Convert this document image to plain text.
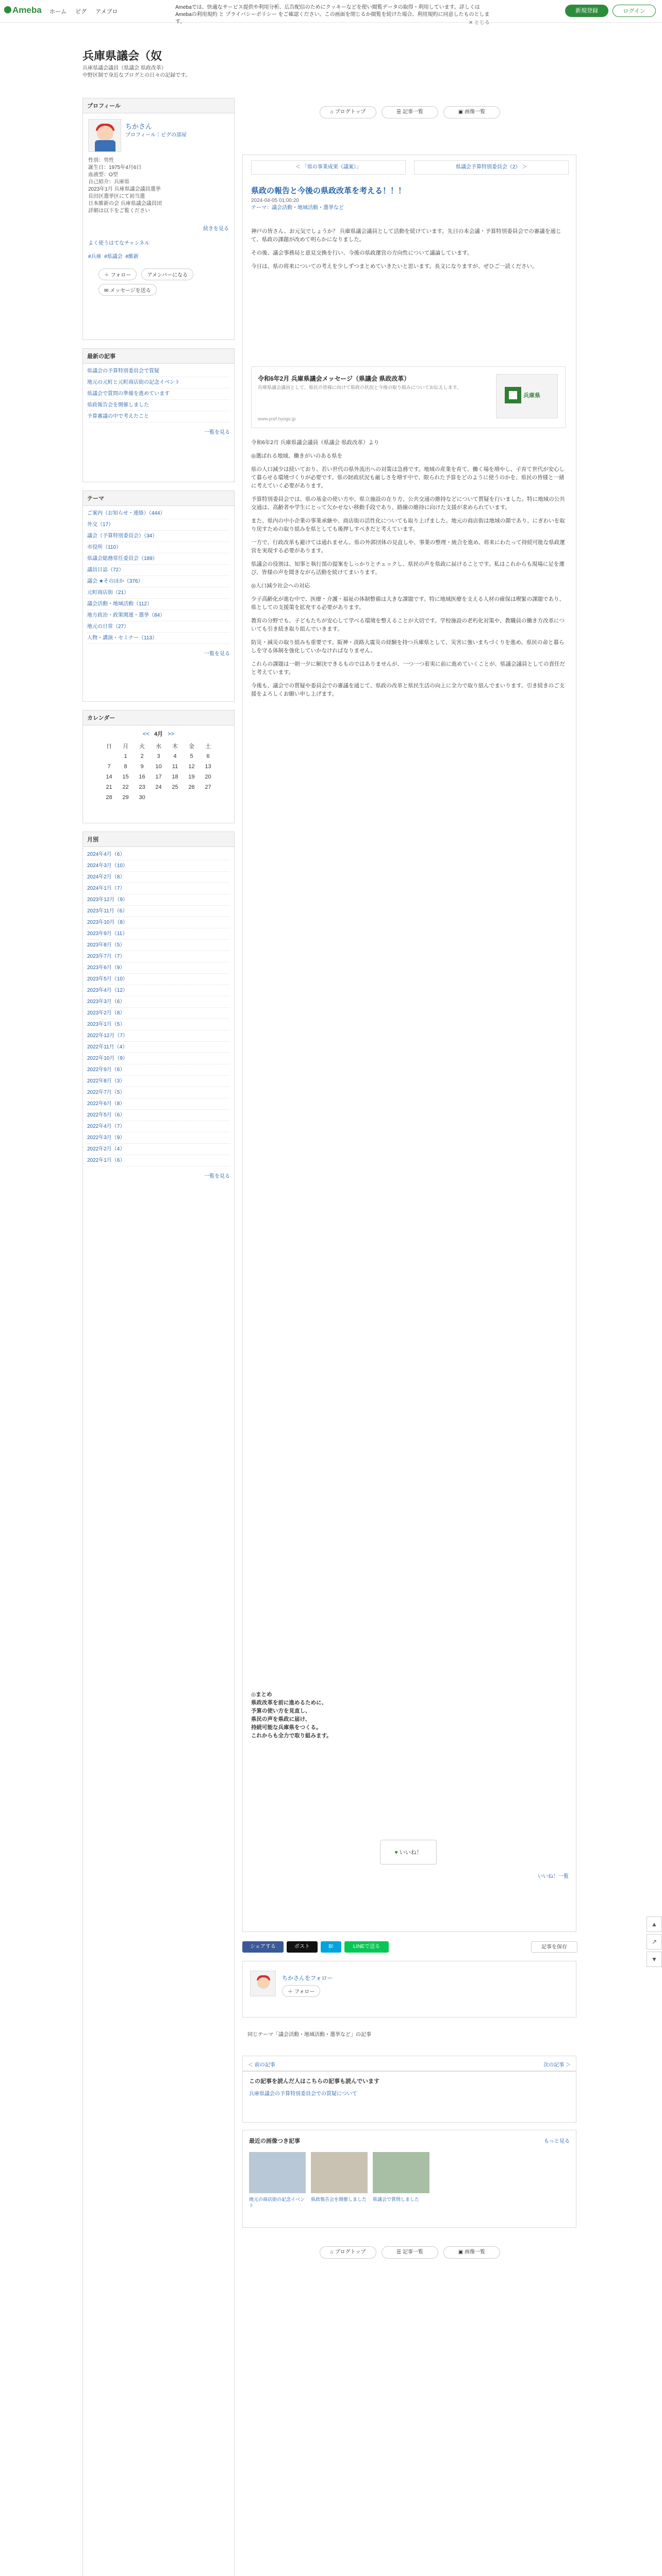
Ameba ホーム ピグ アメブロ
Amebaでは、快適なサービス提供や利用分析、広告配信のためにクッキーなどを使い閲覧データの取得・利用しています。詳しくは Amebaの利用規約 と プライバシーポリシー をご確認ください。この画面を閉じるか閲覧を続けた場合、利用規約に同意したものとします。	✕ とじる
新規登録	ログイン
兵庫県議会（奴
兵庫県議会議員（県議会 県政改革）
中野区制で身近なブログとの日々の記録です。
プロフィール
ちかさん
プロフィール｜ピグの部屋
性別：男性
誕生日：1975年4月6日
血液型：O型
自己紹介：兵庫県
2023年1月 兵庫県議会議員選挙
長田区選挙区にて初当選
日本維新の会 兵庫県議会議員団
詳細は以下をご覧ください
続きを見る
よく使うはてなチャンネル
#兵庫 #県議会 #維新
＋ フォロー	アメンバーになる
✉ メッセージを送る
最新の記事
県議会の予算特別委員会で質疑
地元の元町と元町商店街の記念イベント
県議会で質問の準備を進めています
県政報告会を開催しました
予算審議の中で考えたこと
一覧を見る
テーマ
ご案内（お知らせ・連絡）（444）
外交（17）
議会（予算特別委員会）（34）
市役所（110）
県議会総務常任委員会（189）
議員日誌（72）
議会 ★そのほか（376）
元町商店街（21）
議会活動・地域活動（112）
地方政治・政策関連・選挙（84）
地元の日常（27）
人物・講演・セミナー（113）
一覧を見る
カレンダー
<< 4月 >>
日	月	火	水	木	金	土
	1	2	3	4	5	6
7	8	9	10	11	12	13
14	15	16	17	18	19	20
21	22	23	24	25	26	27
28	29	30				
月別
2024年4月（6）
2024年3月（10）
2024年2月（8）
2024年1月（7）
2023年12月（9）
2023年11月（6）
2023年10月（8）
2023年9月（11）
2023年8月（5）
2023年7月（7）
2023年6月（9）
2023年5月（10）
2023年4月（12）
2023年3月（6）
2023年2月（8）
2023年1月（5）
2022年12月（7）
2022年11月（4）
2022年10月（9）
2022年9月（6）
2022年8月（3）
2022年7月（5）
2022年6月（8）
2022年5月（6）
2022年4月（7）
2022年3月（9）
2022年2月（4）
2022年1月（6）
一覧を見る
⌂ ブログトップ	☰ 記事一覧	▣ 画像一覧
＜ 「県の事業成果（議案）」	県議会予算特別委員会（2） ＞
県政の報告と今後の県政改革を考える！！！
2024-04-05 01:00:20
テーマ：議会活動・地域活動・選挙など

神戸の皆さん、お元気でしょうか？ 兵庫県議会議員として活動を続けています。先日の本会議・予算特別委員会での審議を通じて、県政の課題が改めて明らかになりました。

その後、議会事務局と意見交換を行い、今後の県政運営の方向性について議論しています。

今日は、県の将来についての考えを少しずつまとめていきたいと思います。長文になりますが、ぜひご一読ください。

令和6年2月 兵庫県議会メッセージ（県議会 県政改革）
兵庫県議会議員として、県民の皆様に向けて県政の状況と今後の取り組みについてお伝えします。
www.pref.hyogo.jp
兵庫県

令和6年2月 兵庫県議会議員（県議会 県政改革）より

◎選ばれる地域、働きがいのある県を

県の人口減少は続いており、若い世代の県外流出への対策は急務です。地域の産業を育て、働く場を増やし、子育て世代が安心して暮らせる環境づくりが必要です。県の財政状況も厳しさを増す中で、限られた予算をどのように使うのかを、県民の皆様と一緒に考えていく必要があります。

予算特別委員会では、県の基金の使い方や、県立施設の在り方、公共交通の維持などについて質疑を行いました。特に地域の公共交通は、高齢者や学生にとって欠かせない移動手段であり、路線の維持に向けた支援が求められています。

また、県内の中小企業の事業承継や、商店街の活性化についても取り上げました。地元の商店街は地域の顔であり、にぎわいを取り戻すための取り組みを県としても後押しすべきだと考えています。

一方で、行政改革も避けては通れません。県の外郭団体の見直しや、事業の整理・統合を進め、将来にわたって持続可能な県政運営を実現する必要があります。

県議会の役割は、知事と執行部の提案をしっかりとチェックし、県民の声を県政に届けることです。私はこれからも現場に足を運び、皆様の声を聞きながら活動を続けてまいります。

◎人口減少社会への対応

少子高齢化が進む中で、医療・介護・福祉の体制整備は大きな課題です。特に地域医療を支える人材の確保は喫緊の課題であり、県としての支援策を拡充する必要があります。

教育の分野でも、子どもたちが安心して学べる環境を整えることが大切です。学校施設の老朽化対策や、教職員の働き方改革についても引き続き取り組んでいきます。

防災・減災の取り組みも重要です。阪神・淡路大震災の経験を持つ兵庫県として、災害に強いまちづくりを進め、県民の命と暮らしを守る体制を強化していかなければなりません。

これらの課題は一朝一夕に解決できるものではありませんが、一つ一つ着実に前に進めていくことが、県議会議員としての責任だと考えています。

今後も、議会での質疑や委員会での審議を通じて、県政の改革と県民生活の向上に全力で取り組んでまいります。引き続きのご支援をよろしくお願い申し上げます。

◎まとめ

県政改革を前に進めるために、

予算の使い方を見直し、

県民の声を県政に届け、

持続可能な兵庫県をつくる。

これからも全力で取り組みます。

♥ いいね！
いいね！一覧
シェアする	ポスト	B!	LINEで送る	記事を保存
ちかさんをフォロー
＋ フォロー
同じテーマ「議会活動・地域活動・選挙など」の記事
＜ 前の記事	次の記事 ＞
この記事を読んだ人はこちらの記事も読んでいます
兵庫県議会の予算特別委員会での質疑について
最近の画像つき記事	もっと見る
地元の商店街の記念イベント
県政報告会を開催しました 県議会で質問しました
⌂ ブログトップ	☰ 記事一覧	▣ 画像一覧
▲
↗
▼
